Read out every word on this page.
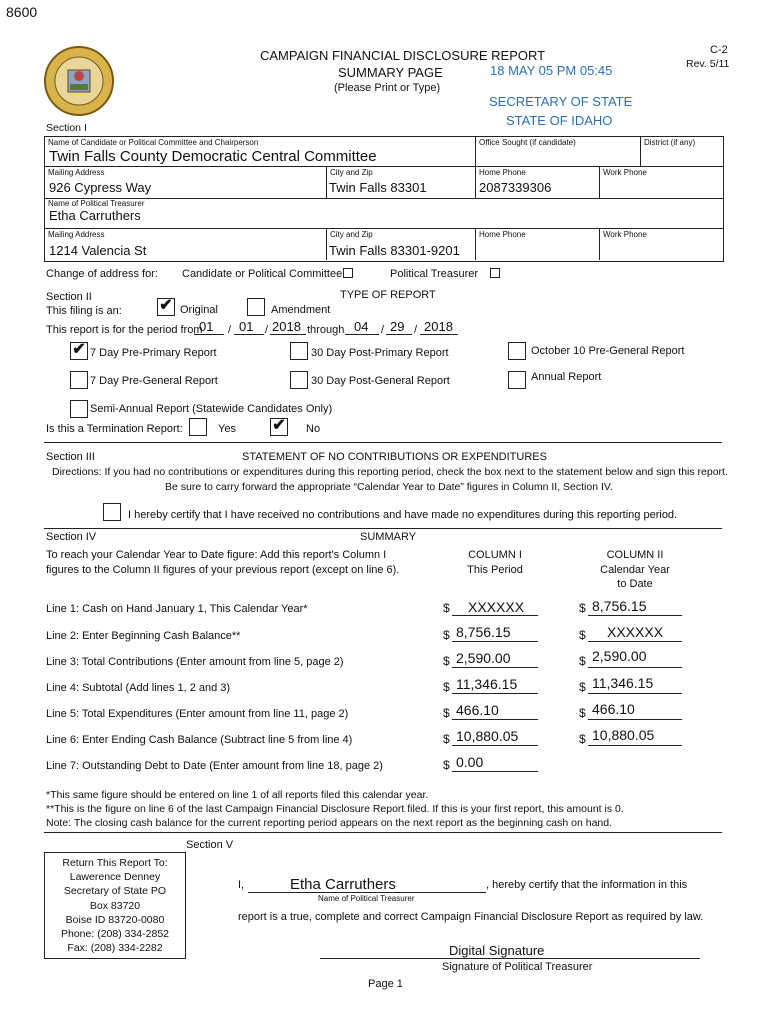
8600
C-2
Rev. 5/11
CAMPAIGN FINANCIAL DISCLOSURE REPORT
SUMMARY PAGE
(Please Print or Type)
18 MAY 05 PM 05:45
SECRETARY OF STATE
STATE OF IDAHO
Section I
Name of Candidate or Political Committee and Chairperson	Office Sought (if candidate)	District (if any)
Twin Falls County Democratic Central Committee
Mailing Address	City and Zip	Home Phone	Work Phone
926 Cypress Way	Twin Falls 83301	2087339306
Name of Political Treasurer
Etha Carruthers
Mailing Address	City and Zip	Home Phone	Work Phone
1214 Valencia St	Twin Falls 83301-9201
Change of address for: Candidate or Political Committee	Political Treasurer
Section II	TYPE OF REPORT
This filing is an: ✔ Original	Amendment
This report is for the period from
01 / 01 / 2018 through 04 / 29 / 2018
✔ 7 Day Pre-Primary Report	30 Day Post-Primary Report	October 10 Pre-General Report
7 Day Pre-General Report	30 Day Post-General Report	Annual Report
Semi-Annual Report (Statewide Candidates Only)
Is this a Termination Report:	Yes ✔ No
Section III	STATEMENT OF NO CONTRIBUTIONS OR EXPENDITURES
Directions: If you had no contributions or expenditures during this reporting period, check the box next to the statement below and sign this report.
Be sure to carry forward the appropriate “Calendar Year to Date” figures in Column II, Section IV.
I hereby certify that I have received no contributions and have made no expenditures during this reporting period.
Section IV	SUMMARY
To reach your Calendar Year to Date figure: Add this report's Column I
figures to the Column II figures of your previous report (except on line 6).
COLUMN I
This Period
COLUMN II
Calendar Year
to Date
Line 1: Cash on Hand January 1, This Calendar Year*	$ XXXXXX	$ 8,756.15
Line 2: Enter Beginning Cash Balance**	$ 8,756.15	$ XXXXXX
Line 3: Total Contributions (Enter amount from line 5, page 2)	$ 2,590.00	$ 2,590.00
Line 4: Subtotal (Add lines 1, 2 and 3)	$ 11,346.15	$ 11,346.15
Line 5: Total Expenditures (Enter amount from line 11, page 2)	$ 466.10	$ 466.10
Line 6: Enter Ending Cash Balance (Subtract line 5 from line 4)	$ 10,880.05	$ 10,880.05
Line 7: Outstanding Debt to Date (Enter amount from line 18, page 2)	$ 0.00
*This same figure should be entered on line 1 of all reports filed this calendar year.
**This is the figure on line 6 of the last Campaign Financial Disclosure Report filed. If this is your first report, this amount is 0.
Note: The closing cash balance for the current reporting period appears on the next report as the beginning cash on hand.
Section V
Return This Report To:
Lawerence Denney
Secretary of State PO
Box 83720
Boise ID 83720-0080
Phone: (208) 334-2852
Fax: (208) 334-2282
I,	Etha Carruthers	, hereby certify that the information in this
Name of Political Treasurer
report is a true, complete and correct Campaign Financial Disclosure Report as required by law.
Digital Signature
Signature of Political Treasurer
Page 1
